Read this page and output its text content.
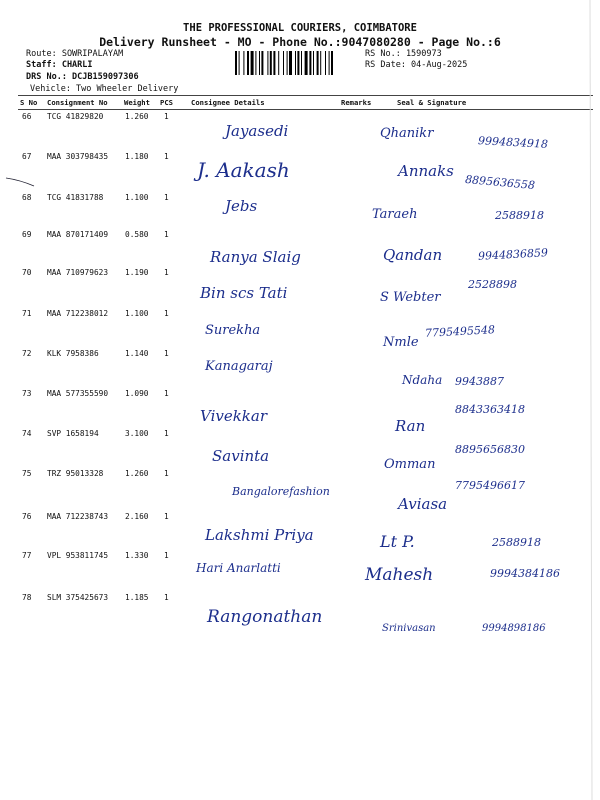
THE PROFESSIONAL COURIERS, COIMBATORE
Delivery Runsheet - MO - Phone No.:9047080280 - Page No.:6
Route: SOWRIPALAYAM
Staff: CHARLI
DRS No.: DCJB159097306
Vehicle: Two Wheeler Delivery
RS No.: 1590973
RS Date: 04-Aug-2025
S No Consignment No Weight PCS	Consignee Details	Remarks	Seal & Signature
66 TCG 41829820	1.260 1
Jayasedi	Qhanikr
9994834918
67 MAA 303798435 1.180 1
J. Aakash	Annaks
8895636558
68 TCG 41831788	1.100 1	Jebs	Taraeh	2588918
69 MAA 870171409 0.580 1
Ranya Slaig	Qandan	9944836859
70 MAA 710979623 1.190 1
Bin scs Tati	S Webter
2528898
71 MAA 712238012 1.100 1
Surekha
Nmle
7795495548
72 KLK 7958386	1.140 1
Kanagaraj
Ndaha 9943887
73 MAA 577355590 1.090 1
Vivekkar
Ran
8843363418
74 SVP 1658194	3.100 1
Savinta	Omman
8895656830
75 TRZ 95013328	1.260 1
Bangalorefashion
Aviasa
7795496617
76 MAA 712238743 2.160 1
Lakshmi Priya	Lt P.	2588918
77 VPL 953811745 1.330 1
Hari Anarlatti	Mahesh	9994384186
78 SLM 375425673 1.185 1
Rangonathan
Srinivasan	9994898186
